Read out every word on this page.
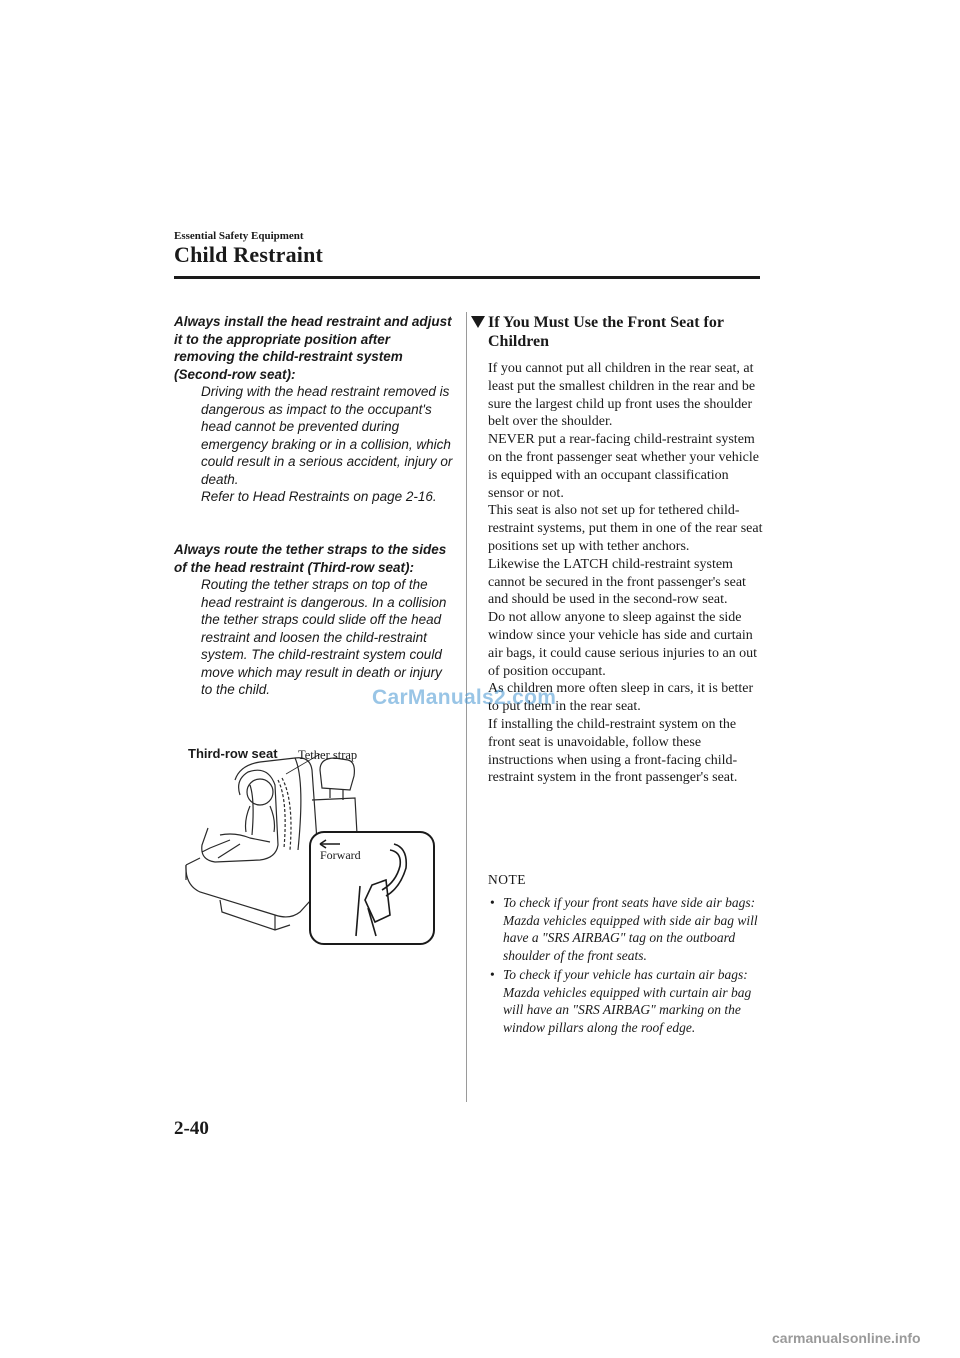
Essential Safety Equipment
Child Restraint
Always install the head restraint and adjust it to the appropriate position after removing the child-restraint system (Second-row seat):
Driving with the head restraint removed is dangerous as impact to the occupant's head cannot be prevented during emergency braking or in a collision, which could result in a serious accident, injury or death.
Refer to Head Restraints on page 2-16.
Always route the tether straps to the sides of the head restraint (Third-row seat):
Routing the tether straps on top of the head restraint is dangerous. In a collision the tether straps could slide off the head restraint and loosen the child-restraint system. The child-restraint system could move which may result in death or injury to the child.
Third-row seat Tether strap
Forward
If You Must Use the Front Seat for Children

If you cannot put all children in the rear seat, at least put the smallest children in the rear and be sure the largest child up front uses the shoulder belt over the shoulder.

NEVER put a rear-facing child-restraint system on the front passenger seat whether your vehicle is equipped with an occupant classification sensor or not.

This seat is also not set up for tethered child-restraint systems, put them in one of the rear seat positions set up with tether anchors.

Likewise the LATCH child-restraint system cannot be secured in the front passenger's seat and should be used in the second-row seat.

Do not allow anyone to sleep against the side window since your vehicle has side and curtain air bags, it could cause serious injuries to an out of position occupant.

As children more often sleep in cars, it is better to put them in the rear seat.

If installing the child-restraint system on the front seat is unavoidable, follow these instructions when using a front-facing child-restraint system in the front passenger's seat.

NOTE
• To check if your front seats have side air bags:
Mazda vehicles equipped with side air bag will have a "SRS AIRBAG" tag on the outboard shoulder of the front seats.
• To check if your vehicle has curtain air bags:
Mazda vehicles equipped with curtain air bag will have an "SRS AIRBAG" marking on the window pillars along the roof edge.
2-40
CarManuals2.com
carmanualsonline.info
